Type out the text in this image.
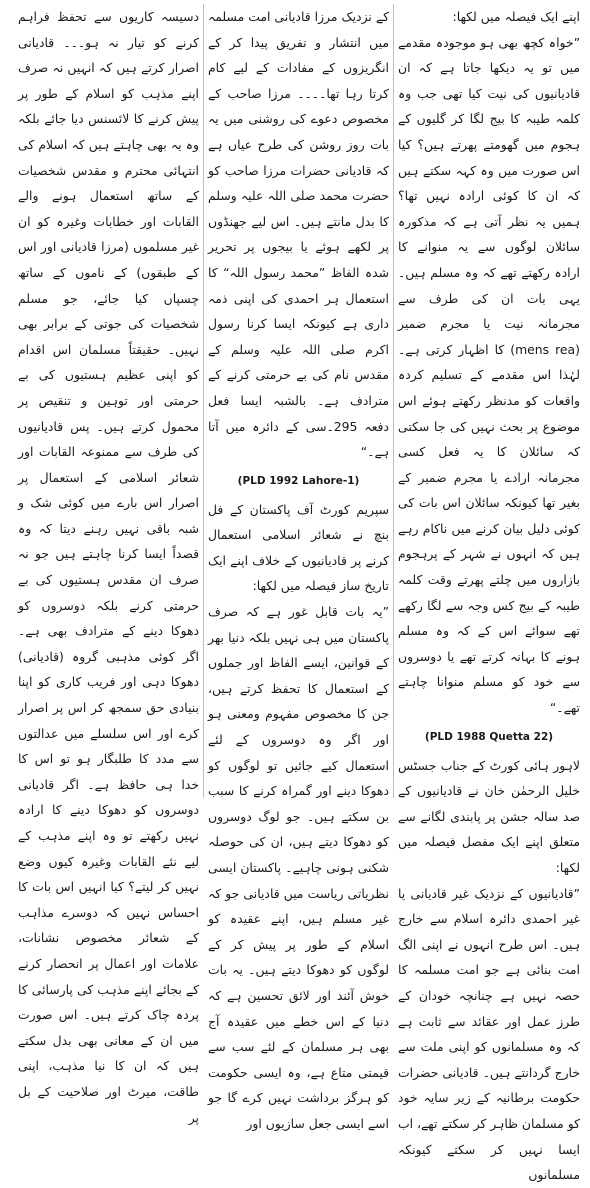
اپنے ایک فیصلہ میں لکھا:

”خواہ کچھ بھی ہو موجودہ مقدمے میں تو یہ دیکھا جاتا ہے کہ ان قادیانیوں کی نیت کیا تھی جب وہ کلمہ طیبہ کا بیج لگا کر گلیوں کے ہجوم میں گھومتے پھرتے ہیں؟ کیا اس صورت میں وہ کہہ سکتے ہیں کہ ان کا کوئی ارادہ نہیں تھا؟ ہمیں یہ نظر آتی ہے کہ مذکورہ سائلان لوگوں سے یہ منوانے کا ارادہ رکھتے تھے کہ وہ مسلم ہیں۔ یہی بات ان کی طرف سے مجرمانہ نیت یا مجرم ضمیر (mens rea) کا اظہار کرتی ہے۔ لہٰذا اس مقدمے کے تسلیم کردہ واقعات کو مدنظر رکھتے ہوئے اس موضوع پر بحث نہیں کی جا سکتی کہ سائلان کا یہ فعل کسی مجرمانہ ارادے یا مجرم ضمیر کے بغیر تھا کیونکہ سائلان اس بات کی کوئی دلیل بیان کرنے میں ناکام رہے ہیں کہ انہوں نے شہر کے پرہجوم بازاروں میں چلتے پھرتے وقت کلمہ طیبہ کے بیج کس وجہ سے لگا رکھے تھے سوائے اس کے کہ وہ مسلم ہونے کا بہانہ کرتے تھے یا دوسروں سے خود کو مسلم منوانا چاہتے تھے۔“

(PLD 1988 Quetta 22)

لاہور ہائی کورٹ کے جناب جسٹس خلیل الرحمٰن خان نے قادیانیوں کے صد سالہ جشن پر پابندی لگانے سے متعلق اپنے ایک مفصل فیصلہ میں لکھا:

”قادیانیوں کے نزدیک غیر قادیانی یا غیر احمدی دائرہ اسلام سے خارج ہیں۔ اس طرح انہوں نے اپنی الگ امت بنائی ہے جو امت مسلمہ کا حصہ نہیں ہے چنانچہ خودان کے طرز عمل اور عقائد سے ثابت ہے کہ وہ مسلمانوں کو اپنی ملت سے خارج گردانتے ہیں۔ قادیانی حضرات حکومت برطانیہ کے زیر سایہ خود کو مسلمان ظاہر کر سکتے تھے، اب ایسا نہیں کر سکتے کیونکہ مسلمانوں

کے نزدیک مرزا قادیانی امت مسلمہ میں انتشار و تفریق پیدا کر کے انگریزوں کے مفادات کے لیے کام کرتا رہا تھا۔۔۔۔ مرزا صاحب کے مخصوص دعوے کی روشنی میں یہ بات روز روشن کی طرح عیاں ہے کہ قادیانی حضرات مرزا صاحب کو حضرت محمد صلی اللہ علیہ وسلم کا بدل مانتے ہیں۔ اس لیے جھنڈوں پر لکھے ہوئے یا بیجوں پر تحریر شدہ الفاظ ”محمد رسول اللہ“ کا استعمال ہر احمدی کی اپنی ذمہ داری ہے کیونکہ ایسا کرنا رسول اکرم صلی اللہ علیہ وسلم کے مقدس نام کی بے حرمتی کرنے کے مترادف ہے۔ بالشبہ ایسا فعل دفعہ 295۔سی کے دائرہ میں آتا ہے۔“

(PLD 1992 Lahore-1)

سپریم کورٹ آف پاکستان کے فل بنچ نے شعائر اسلامی استعمال کرنے پر قادیانیوں کے خلاف اپنے ایک تاریخ ساز فیصلہ میں لکھا:

”یہ بات قابل غور ہے کہ صرف پاکستان میں ہی نہیں بلکہ دنیا بھر کے قوانین، ایسے الفاظ اور جملوں کے استعمال کا تحفظ کرتے ہیں، جن کا مخصوص مفہوم ومعنی ہو اور اگر وہ دوسروں کے لئے استعمال کیے جائیں تو لوگوں کو دھوکا دینے اور گمراہ کرنے کا سبب بن سکتے ہیں۔ جو لوگ دوسروں کو دھوکا دیتے ہیں، ان کی حوصلہ شکنی ہونی چاہیے۔ پاکستان ایسی نظریاتی ریاست میں قادیانی جو کہ غیر مسلم ہیں، اپنے عقیدہ کو اسلام کے طور پر پیش کر کے لوگوں کو دھوکا دیتے ہیں۔ یہ بات خوش آئند اور لائق تحسین ہے کہ دنیا کے اس خطے میں عقیدہ آج بھی ہر مسلمان کے لئے سب سے قیمتی متاع ہے، وہ ایسی حکومت کو ہرگز برداشت نہیں کرے گا جو اسے ایسی جعل سازیوں اور

دسیسہ کاریوں سے تحفظ فراہم کرنے کو تیار نہ ہو۔۔۔ قادیانی اصرار کرتے ہیں کہ انہیں نہ صرف اپنے مذہب کو اسلام کے طور پر پیش کرنے کا لائسنس دیا جائے بلکہ وہ یہ بھی چاہتے ہیں کہ اسلام کی انتہائی محترم و مقدس شخصیات کے ساتھ استعمال ہونے والے القابات اور خطابات وغیرہ کو ان غیر مسلموں (مرزا قادیانی اور اس کے طبقوں) کے ناموں کے ساتھ چسپاں کیا جائے، جو مسلم شخصیات کی جوتی کے برابر بھی نہیں۔ حقیقتاً مسلمان اس اقدام کو اپنی عظیم ہستیوں کی بے حرمتی اور توہین و تنقیص پر محمول کرتے ہیں۔ پس قادیانیوں کی طرف سے ممنوعہ القابات اور شعائر اسلامی کے استعمال پر اصرار اس بارے میں کوئی شک و شبہ باقی نہیں رہنے دیتا کہ وہ قصداً ایسا کرنا چاہتے ہیں جو نہ صرف ان مقدس ہستیوں کی بے حرمتی کرنے بلکہ دوسروں کو دھوکا دینے کے مترادف بھی ہے۔ اگر کوئی مذہبی گروہ (قادیانی) دھوکا دہی اور فریب کاری کو اپنا بنیادی حق سمجھ کر اس پر اصرار کرے اور اس سلسلے میں عدالتوں سے مدد کا طلبگار ہو تو اس کا خدا ہی حافظ ہے۔ اگر قادیانی دوسروں کو دھوکا دینے کا ارادہ نہیں رکھتے تو وہ اپنے مذہب کے لیے نئے القابات وغیرہ کیوں وضع نہیں کر لیتے؟ کیا انہیں اس بات کا احساس نہیں کہ دوسرے مذاہب کے شعائر مخصوص نشانات، علامات اور اعمال پر انحصار کرنے کے بجائے اپنے مذہب کی پارسائی کا پردہ چاک کرتے ہیں۔ اس صورت میں ان کے معانی بھی بدل سکتے ہیں کہ ان کا نیا مذہب، اپنی طاقت، میرٹ اور صلاحیت کے بل پر
